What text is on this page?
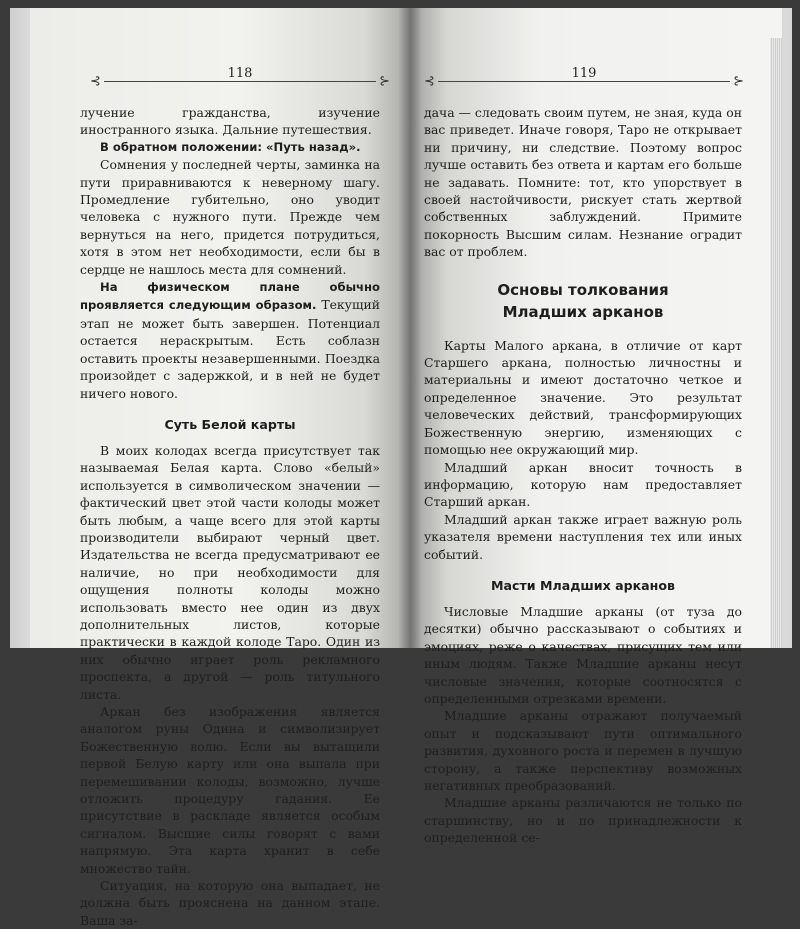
⊰
118
⊱

лучение гражданства, изучение иностранного языка. Дальние путешествия.

В обратном положении: «Путь назад».

Сомнения у последней черты, заминка на пути приравниваются к неверному шагу. Промедление губительно, оно уводит человека с нужного пути. Прежде чем вернуться на него, придется потрудиться, хотя в этом нет необходимости, если бы в сердце не нашлось места для сомнений.

На физическом плане обычно проявляется следующим образом. Текущий этап не может быть завершен. Потенциал остается нераскрытым. Есть соблазн оставить проекты незавершенными. Поездка произойдет с задержкой, и в ней не будет ничего нового.

Суть Белой карты

В моих колодах всегда присутствует так называемая Белая карта. Слово «белый» используется в символическом значении — фактический цвет этой части колоды может быть любым, а чаще всего для этой карты производители выбирают черный цвет. Издательства не всегда предусматривают ее наличие, но при необходимости для ощущения полноты колоды можно использовать вместо нее один из двух дополнительных листов, которые практически в каждой колоде Таро. Один из них обычно играет роль рекламного проспекта, а другой — роль титульного листа.

Аркан без изображения является аналогом руны Одина и символизирует Божественную волю. Если вы вытащили первой Белую карту или она выпала при перемешивании колоды, возможно, лучше отложить процедуру гадания. Ее присутствие в раскладе является особым сигналом. Высшие силы говорят с вами напрямую. Эта карта хранит в себе множество тайн.

Ситуация, на которую она выпадает, не должна быть прояснена на данном этапе. Ваша за-

⊰
119
⊱

дача — следовать своим путем, не зная, куда он вас приведет. Иначе говоря, Таро не открывает ни причину, ни следствие. Поэтому вопрос лучше оставить без ответа и картам его больше не задавать. Помните: тот, кто упорствует в своей настойчивости, рискует стать жертвой собственных заблуждений. Примите покорность Высшим силам. Незнание оградит вас от проблем.

Основы толкования
Младших арканов

Карты Малого аркана, в отличие от карт Старшего аркана, полностью личностны и материальны и имеют достаточно четкое и определенное значение. Это результат человеческих действий, трансформирующих Божественную энергию, изменяющих с помощью нее окружающий мир.

Младший аркан вносит точность в информацию, которую нам предоставляет Старший аркан.

Младший аркан также играет важную роль указателя времени наступления тех или иных событий.

Масти Младших арканов

Числовые Младшие арканы (от туза до десятки) обычно рассказывают о событиях и эмоциях, реже о качествах, присущих тем или иным людям. Также Младшие арканы несут числовые значения, которые соотносятся с определенными отрезками времени.

Младшие арканы отражают получаемый опыт и подсказывают пути оптимального развития, духовного роста и перемен в лучшую сторону, а также перспективу возможных негативных преобразований.

Младшие арканы различаются не только по старшинству, но и по принадлежности к определенной се-
